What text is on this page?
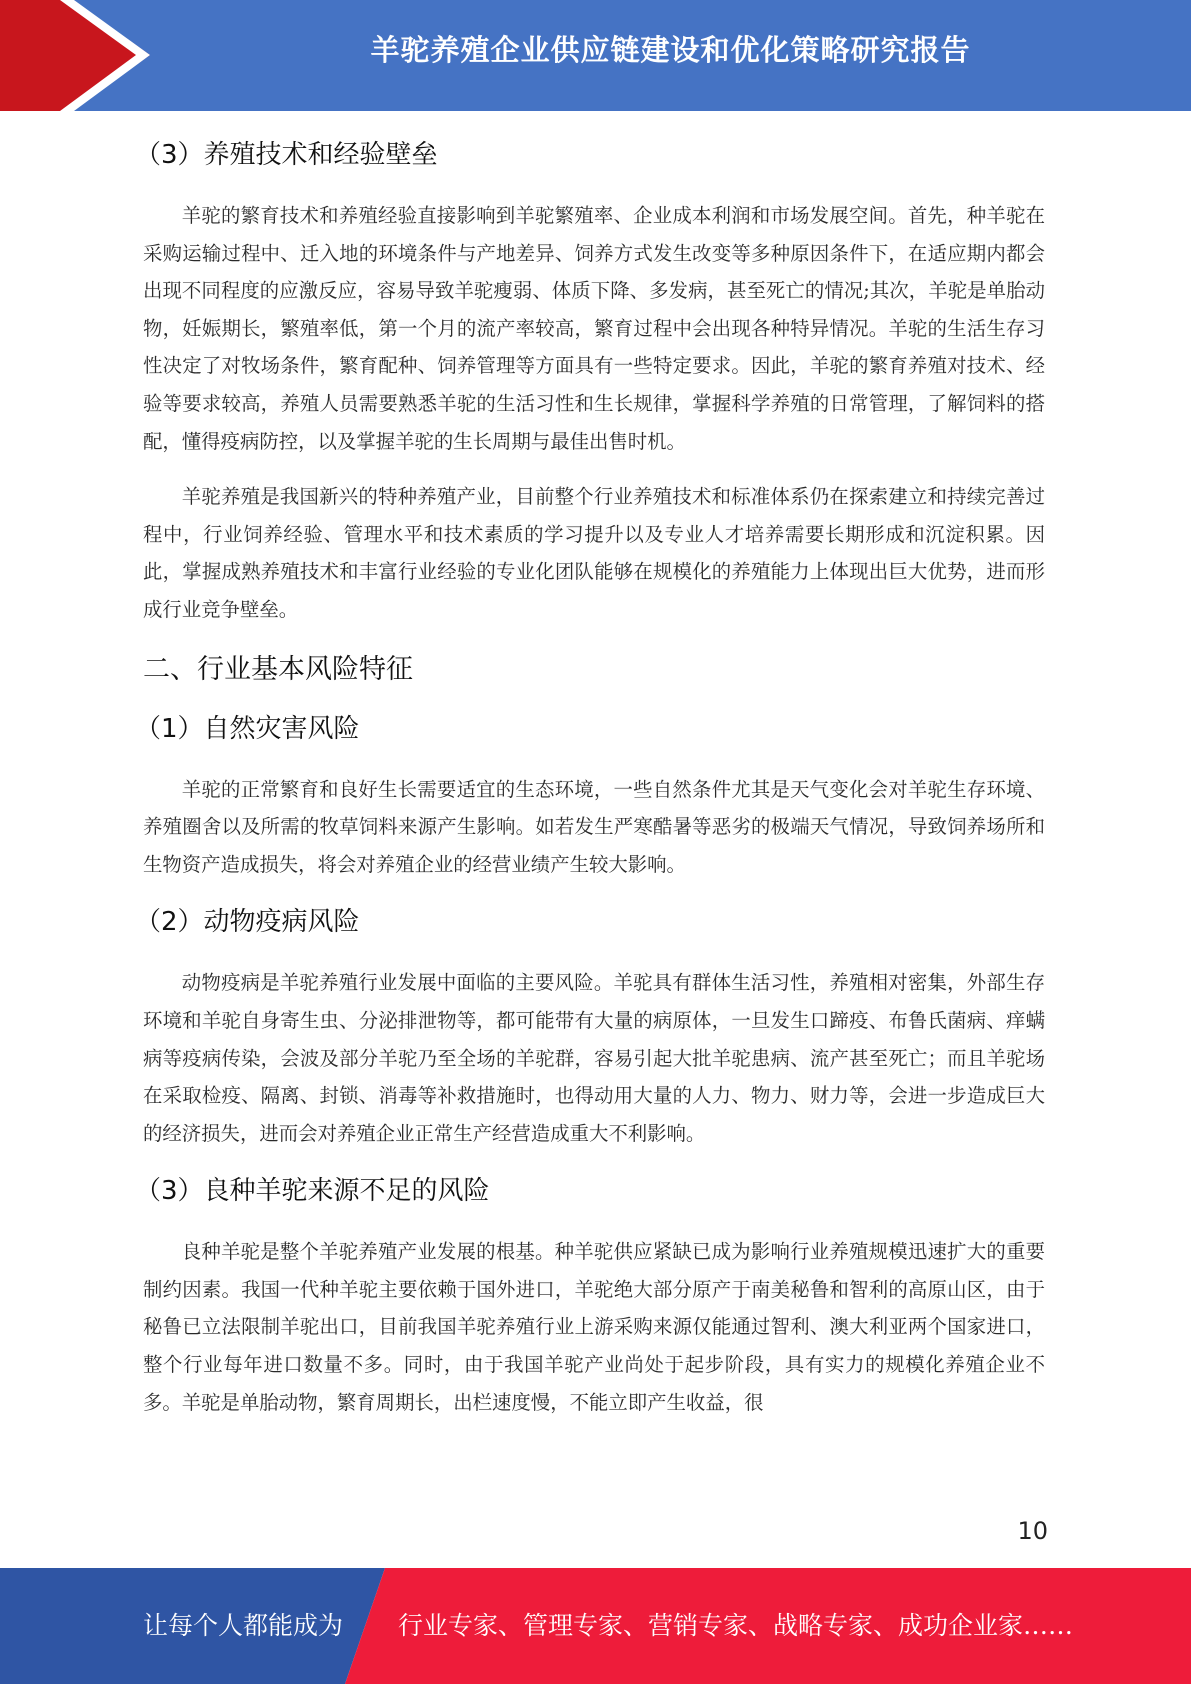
羊驼养殖企业供应链建设和优化策略研究报告
（3）养殖技术和经验壁垒

羊驼的繁育技术和养殖经验直接影响到羊驼繁殖率、企业成本利润和市场发展空间。首先，种羊驼在采购运输过程中、迁入地的环境条件与产地差异、饲养方式发生改变等多种原因条件下，在适应期内都会出现不同程度的应激反应，容易导致羊驼瘦弱、体质下降、多发病，甚至死亡的情况;其次，羊驼是单胎动物，妊娠期长，繁殖率低，第一个月的流产率较高，繁育过程中会出现各种特异情况。羊驼的生活生存习性决定了对牧场条件，繁育配种、饲养管理等方面具有一些特定要求。因此，羊驼的繁育养殖对技术、经验等要求较高，养殖人员需要熟悉羊驼的生活习性和生长规律，掌握科学养殖的日常管理，了解饲料的搭配，懂得疫病防控，以及掌握羊驼的生长周期与最佳出售时机。

羊驼养殖是我国新兴的特种养殖产业，目前整个行业养殖技术和标准体系仍在探索建立和持续完善过程中，行业饲养经验、管理水平和技术素质的学习提升以及专业人才培养需要长期形成和沉淀积累。因此，掌握成熟养殖技术和丰富行业经验的专业化团队能够在规模化的养殖能力上体现出巨大优势，进而形成行业竞争壁垒。

二、行业基本风险特征
（1）自然灾害风险

羊驼的正常繁育和良好生长需要适宜的生态环境，一些自然条件尤其是天气变化会对羊驼生存环境、养殖圈舍以及所需的牧草饲料来源产生影响。如若发生严寒酷暑等恶劣的极端天气情况，导致饲养场所和生物资产造成损失，将会对养殖企业的经营业绩产生较大影响。

（2）动物疫病风险

动物疫病是羊驼养殖行业发展中面临的主要风险。羊驼具有群体生活习性，养殖相对密集，外部生存环境和羊驼自身寄生虫、分泌排泄物等，都可能带有大量的病原体，一旦发生口蹄疫、布鲁氏菌病、痒螨病等疫病传染，会波及部分羊驼乃至全场的羊驼群，容易引起大批羊驼患病、流产甚至死亡；而且羊驼场在采取检疫、隔离、封锁、消毒等补救措施时，也得动用大量的人力、物力、财力等，会进一步造成巨大的经济损失，进而会对养殖企业正常生产经营造成重大不利影响。

（3）良种羊驼来源不足的风险

良种羊驼是整个羊驼养殖产业发展的根基。种羊驼供应紧缺已成为影响行业养殖规模迅速扩大的重要制约因素。我国一代种羊驼主要依赖于国外进口，羊驼绝大部分原产于南美秘鲁和智利的高原山区，由于秘鲁已立法限制羊驼出口，目前我国羊驼养殖行业上游采购来源仅能通过智利、澳大利亚两个国家进口，整个行业每年进口数量不多。同时，由于我国羊驼产业尚处于起步阶段，具有实力的规模化养殖企业不多。羊驼是单胎动物，繁育周期长，出栏速度慢，不能立即产生收益，很

10
让每个人都能成为 行业专家、管理专家、营销专家、战略专家、成功企业家……
